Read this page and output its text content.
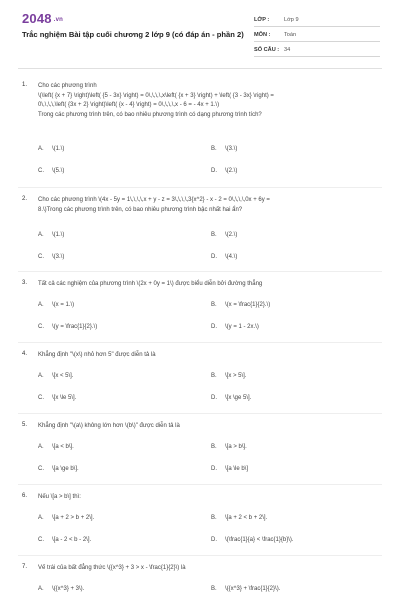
2048 .vn
Trắc nghiệm Bài tập cuối chương 2 lớp 9 (có đáp án - phần 2)
LỚP :	Lớp 9
MÔN :	Toán
SỐ CÂU : 34
1. Cho các phương trình
\(\left( {x + 7} \right)\left( {5 - 3x} \right) = 0\,\,\,\,x\left( {x + 3} \right) + \left( {3 - 3x} \right) =
0\,\,\,\,\left( {3x + 2} \right)\left( {x - 4} \right) = 0\,\,\,\,x - 6 = - 4x + 1.\)
Trong các phương trình trên, có bao nhiêu phương trình có dạng phương trình tích?
A. \(1.\)	B. \(3.\)
C. \(5.\)	D. \(2.\)
2. Cho các phương trình \(4x - 5y = 1\,\,\,\,x + y - z = 3\,\,\,\,3{x^2} - x - 2 = 0\,\,\,\,0x + 6y =
8.\)Trong các phương trình trên, có bao nhiêu phương trình bậc nhất hai ẩn?
A. \(1.\)	B. \(2.\)
C. \(3.\)	D. \(4.\)
3. Tất cả các nghiệm của phương trình \(2x + 0y = 1\) được biểu diễn bởi đường thẳng
A. \(x = 1.\)	B. \(x = \frac{1}{2}.\)
C. \(y = \frac{1}{2}.\)	D. \(y = 1 - 2x.\)
4. Khẳng định "\(x\) nhỏ hơn 5" được diễn tả là
A. \[x < 5\].	B. \[x > 5\].
C. \[x \le 5\].	D. \[x \ge 5\].
5. Khẳng định "\(a\) không lớn hơn \(b\)" được diễn tả là
A. \[a < b\].	B. \[a > b\].
C. \[a \ge b\].	D. \[a \le b\]
6. Nếu \[a > b\] thì:
A. \[a + 2 > b + 2\].	B. \[a + 2 < b + 2\].
C. \[a - 2 < b - 2\].	D. \(\frac{1}{a} < \frac{1}{b}\).
7. Vế trái của bất đẳng thức \({x^3} + 3 > x - \frac{1}{2}\) là
A. \({x^3} + 3\).	B. \({x^3} + \frac{1}{2}\).
